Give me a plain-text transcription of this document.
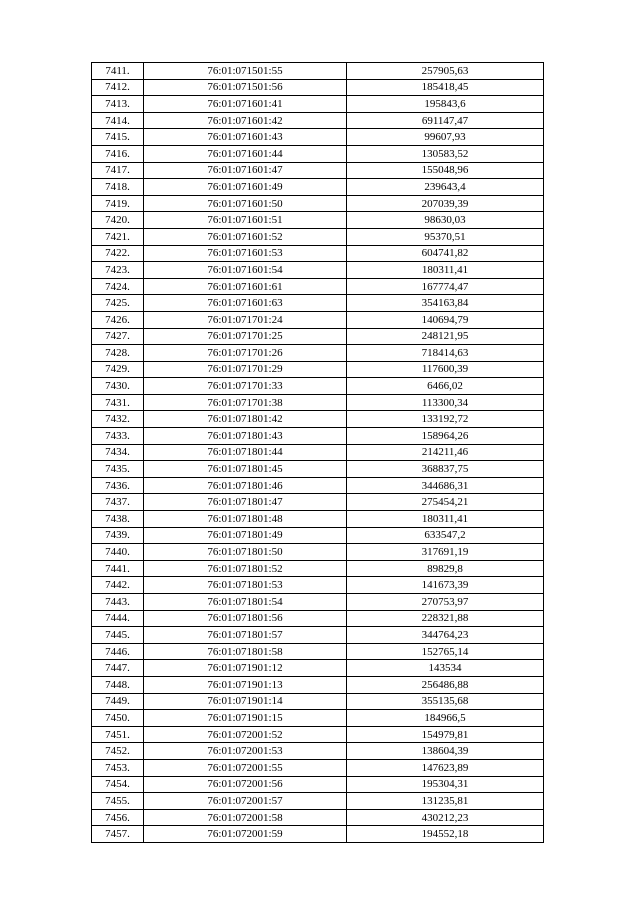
7411.	76:01:071501:55	257905,63
7412.	76:01:071501:56	185418,45
7413.	76:01:071601:41	195843,6
7414.	76:01:071601:42	691147,47
7415.	76:01:071601:43	99607,93
7416.	76:01:071601:44	130583,52
7417.	76:01:071601:47	155048,96
7418.	76:01:071601:49	239643,4
7419.	76:01:071601:50	207039,39
7420.	76:01:071601:51	98630,03
7421.	76:01:071601:52	95370,51
7422.	76:01:071601:53	604741,82
7423.	76:01:071601:54	180311,41
7424.	76:01:071601:61	167774,47
7425.	76:01:071601:63	354163,84
7426.	76:01:071701:24	140694,79
7427.	76:01:071701:25	248121,95
7428.	76:01:071701:26	718414,63
7429.	76:01:071701:29	117600,39
7430.	76:01:071701:33	6466,02
7431.	76:01:071701:38	113300,34
7432.	76:01:071801:42	133192,72
7433.	76:01:071801:43	158964,26
7434.	76:01:071801:44	214211,46
7435.	76:01:071801:45	368837,75
7436.	76:01:071801:46	344686,31
7437.	76:01:071801:47	275454,21
7438.	76:01:071801:48	180311,41
7439.	76:01:071801:49	633547,2
7440.	76:01:071801:50	317691,19
7441.	76:01:071801:52	89829,8
7442.	76:01:071801:53	141673,39
7443.	76:01:071801:54	270753,97
7444.	76:01:071801:56	228321,88
7445.	76:01:071801:57	344764,23
7446.	76:01:071801:58	152765,14
7447.	76:01:071901:12	143534
7448.	76:01:071901:13	256486,88
7449.	76:01:071901:14	355135,68
7450.	76:01:071901:15	184966,5
7451.	76:01:072001:52	154979,81
7452.	76:01:072001:53	138604,39
7453.	76:01:072001:55	147623,89
7454.	76:01:072001:56	195304,31
7455.	76:01:072001:57	131235,81
7456.	76:01:072001:58	430212,23
7457.	76:01:072001:59	194552,18
